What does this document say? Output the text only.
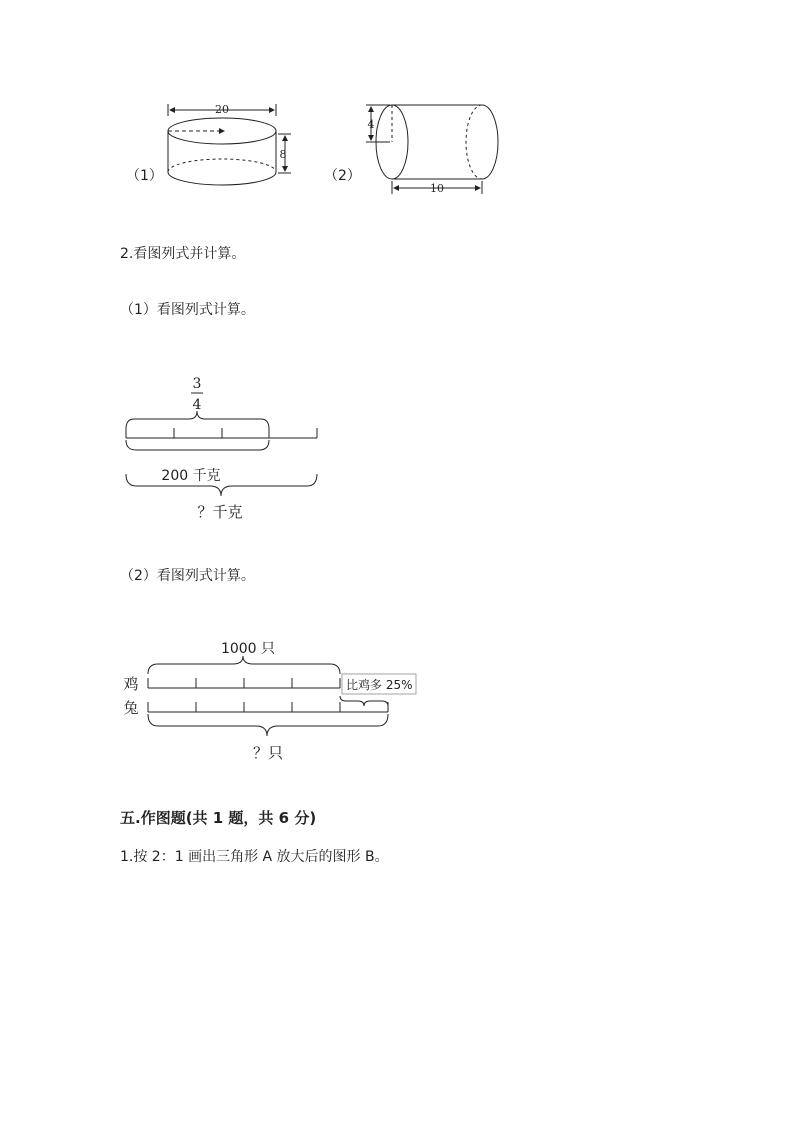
（1）
20
8
（2）
4
10
2.看图列式并计算。
（1）看图列式计算。
3
4
200 千克
？千克
（2）看图列式计算。
1000 只
鸡	比鸡多 25%
兔
？只
五.作图题(共 1 题，共 6 分)
1.按 2：1 画出三角形 A 放大后的图形 B。
